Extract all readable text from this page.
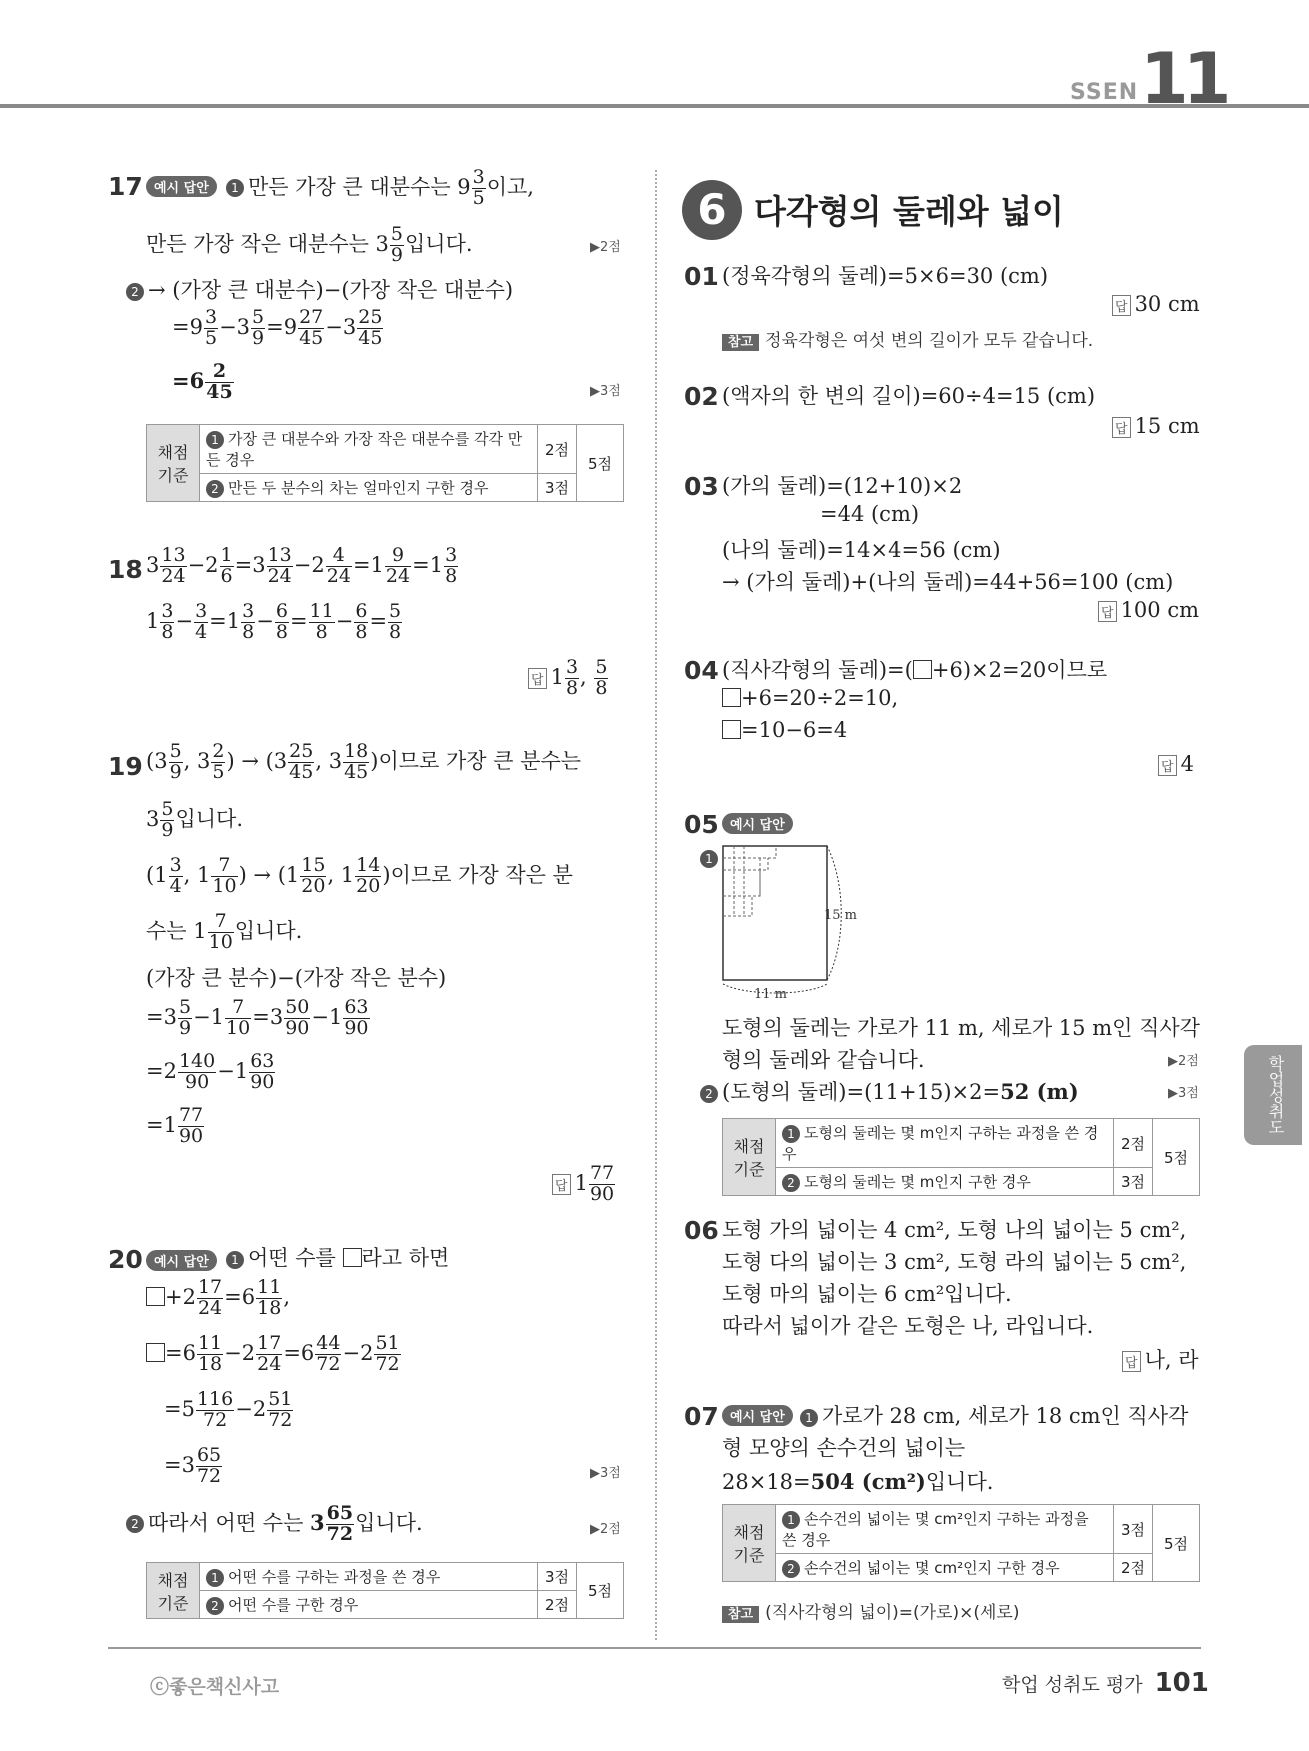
SSEN 11
학업성취도
ⓒ좋은책신사고	학업 성취도 평가 101
17 예시 답안	1 만든 가장 큰 대분수는 $9 \frac{3}{5}$ 이고,
만든 가장 작은 대분수는 $3 \frac{5}{9}$ 입니다.	▶2점
2 → (가장 큰 대분수)−(가장 작은 대분수)
$=9 \frac{3}{5} -3 \frac{5}{9} =9 \frac{27}{45} -3 \frac{25}{45}$
$=6 \frac{2}{45}$	▶3점
채점
기준	1 가장 큰 대분수와 가장 작은 대분수를 각각 만든 경우	2점	5점
	2 만든 두 분수의 차는 얼마인지 구한 경우	3점	
18 $3 \frac{13}{24} -2 \frac{1}{6} =3 \frac{13}{24} -2 \frac{4}{24} =1 \frac{9}{24} =1 \frac{3}{8}$
$1 \frac{3}{8} - \frac{3}{4} =1 \frac{3}{8} - \frac{6}{8} = \frac{11}{8} - \frac{6}{8} = \frac{5}{8}$
답 $1 \frac{3}{8}$ , $\frac{5}{8}$
19 ($3 \frac{5}{9}$ , $3 \frac{2}{5}$ ) → ($3 \frac{25}{45}$ , $3 \frac{18}{45}$ )이므로 가장 큰 분수는
$3 \frac{5}{9}$ 입니다.
($1 \frac{3}{4}$ , $1 \frac{7}{10}$ ) → ($1 \frac{15}{20}$ , $1 \frac{14}{20}$ )이므로 가장 작은 분
수는 $1 \frac{7}{10}$ 입니다.
(가장 큰 분수)−(가장 작은 분수)
$=3 \frac{5}{9} -1 \frac{7}{10} =3 \frac{50}{90} -1 \frac{63}{90}$
$=2 \frac{140}{90} -1 \frac{63}{90}$
$=1 \frac{77}{90}$
답 $1 \frac{77}{90}$
20 예시 답안	1 어떤 수를 라고 하면
$+2 \frac{17}{24} =6 \frac{11}{18}$ ,
$=6 \frac{11}{18} -2 \frac{17}{24} =6 \frac{44}{72} -2 \frac{51}{72}$
$=5 \frac{116}{72} -2 \frac{51}{72}$
$=3 \frac{65}{72}$	▶3점
2 따라서 어떤 수는 $3 \frac{65}{72}$ 입니다.	▶2점
채점
기준	1 어떤 수를 구하는 과정을 쓴 경우	3점	5점
	2 어떤 수를 구한 경우	2점	
6 다각형의 둘레와 넓이
01 (정육각형의 둘레)=5×6=30 (cm)
답 30 cm
참고 정육각형은 여섯 변의 길이가 모두 같습니다.
02 (액자의 한 변의 길이)=60÷4=15 (cm)
답 15 cm
03 (가의 둘레)=(12+10)×2
=44 (cm)
(나의 둘레)=14×4=56 (cm)
→ (가의 둘레)+(나의 둘레)=44+56=100 (cm)
답 100 cm
04 (직사각형의 둘레)=( +6)×2=20이므로
+6=20÷2=10,
=10−6=4
답 4
05 예시 답안
1
15 m
11 m
도형의 둘레는 가로가 11 m, 세로가 15 m인 직사각
형의 둘레와 같습니다.	▶2점
2 (도형의 둘레)=(11+15)×2=52 (m)	▶3점
채점
기준	1 도형의 둘레는 몇 m인지 구하는 과정을 쓴 경우	2점	5점
	2 도형의 둘레는 몇 m인지 구한 경우	3점	
06 도형 가의 넓이는 4 cm², 도형 나의 넓이는 5 cm²,
도형 다의 넓이는 3 cm², 도형 라의 넓이는 5 cm²,
도형 마의 넓이는 6 cm²입니다.
따라서 넓이가 같은 도형은 나, 라입니다.
답 나, 라
07 예시 답안	1 가로가 28 cm, 세로가 18 cm인 직사각
형 모양의 손수건의 넓이는
28×18=504 (cm²)입니다.
채점
기준	1 손수건의 넓이는 몇 cm²인지 구하는 과정을 쓴 경우	3점	5점
	2 손수건의 넓이는 몇 cm²인지 구한 경우	2점	
참고 (직사각형의 넓이)=(가로)×(세로)
